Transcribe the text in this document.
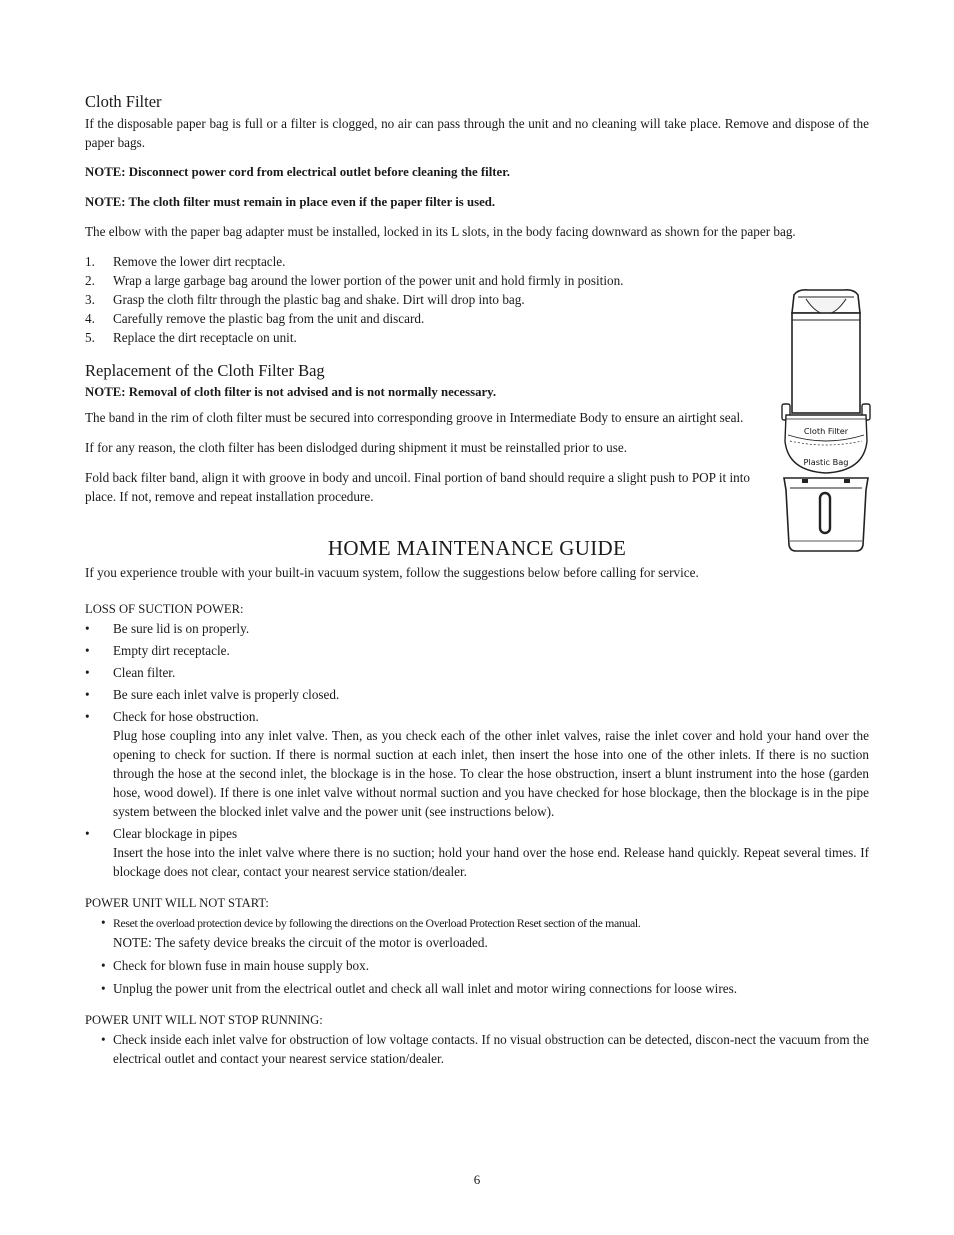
Cloth Filter

If the disposable paper bag is full or a filter is clogged, no air can pass through the unit and no cleaning will take place. Remove and dispose of the paper bags.

NOTE: Disconnect power cord from electrical outlet before cleaning the filter.

NOTE: The cloth filter must remain in place even if the paper filter is used.

The elbow with the paper bag adapter must be installed, locked in its L slots, in the body facing downward as shown for the paper bag.

1. Remove the lower dirt recptacle.
2. Wrap a large garbage bag around the lower portion of the power unit and hold firmly in position.
3. Grasp the cloth filtr through the plastic bag and shake. Dirt will drop into bag.
4. Carefully remove the plastic bag from the unit and discard.
5. Replace the dirt receptacle on unit.
Replacement of the Cloth Filter Bag

NOTE: Removal of cloth filter is not advised and is not normally necessary.

The band in the rim of cloth filter must be secured into corresponding groove in Intermediate Body to ensure an airtight seal.

If for any reason, the cloth filter has been dislodged during shipment it must be reinstalled prior to use.

Fold back filter band, align it with groove in body and uncoil. Final portion of band should require a slight push to POP it into place. If not, remove and repeat installation procedure.

HOME MAINTENANCE GUIDE

If you experience trouble with your built-in vacuum system, follow the suggestions below before calling for service.

LOSS OF SUCTION POWER:

• Be sure lid is on properly.
• Empty dirt receptacle.
• Clean filter.
• Be sure each inlet valve is properly closed.
• Check for hose obstruction.
Plug hose coupling into any inlet valve. Then, as you check each of the other inlet valves, raise the inlet cover and hold your hand over the opening to check for suction. If there is normal suction at each inlet, then insert the hose into one of the other inlets. If there is no suction through the hose at the second inlet, the blockage is in the hose. To clear the hose obstruction, insert a blunt instrument into the hose (garden hose, wood dowel). If there is one inlet valve without normal suction and you have checked for hose blockage, then the blockage is in the pipe system between the blocked inlet valve and the power unit (see instructions below).
• Clear blockage in pipes
Insert the hose into the inlet valve where there is no suction; hold your hand over the hose end. Release hand quickly. Repeat several times. If blockage does not clear, contact your nearest service station/dealer.

POWER UNIT WILL NOT START:

• Reset the overload protection device by following the directions on the Overload Protection Reset section of the manual.
NOTE: The safety device breaks the circuit of the motor is overloaded.
• Check for blown fuse in main house supply box.
• Unplug the power unit from the electrical outlet and check all wall inlet and motor wiring connections for loose wires.

POWER UNIT WILL NOT STOP RUNNING:

• Check inside each inlet valve for obstruction of low voltage contacts. If no visual obstruction can be detected, discon-nect the vacuum from the electrical outlet and contact your nearest service station/dealer.
Cloth Filter
Plastic Bag
6
